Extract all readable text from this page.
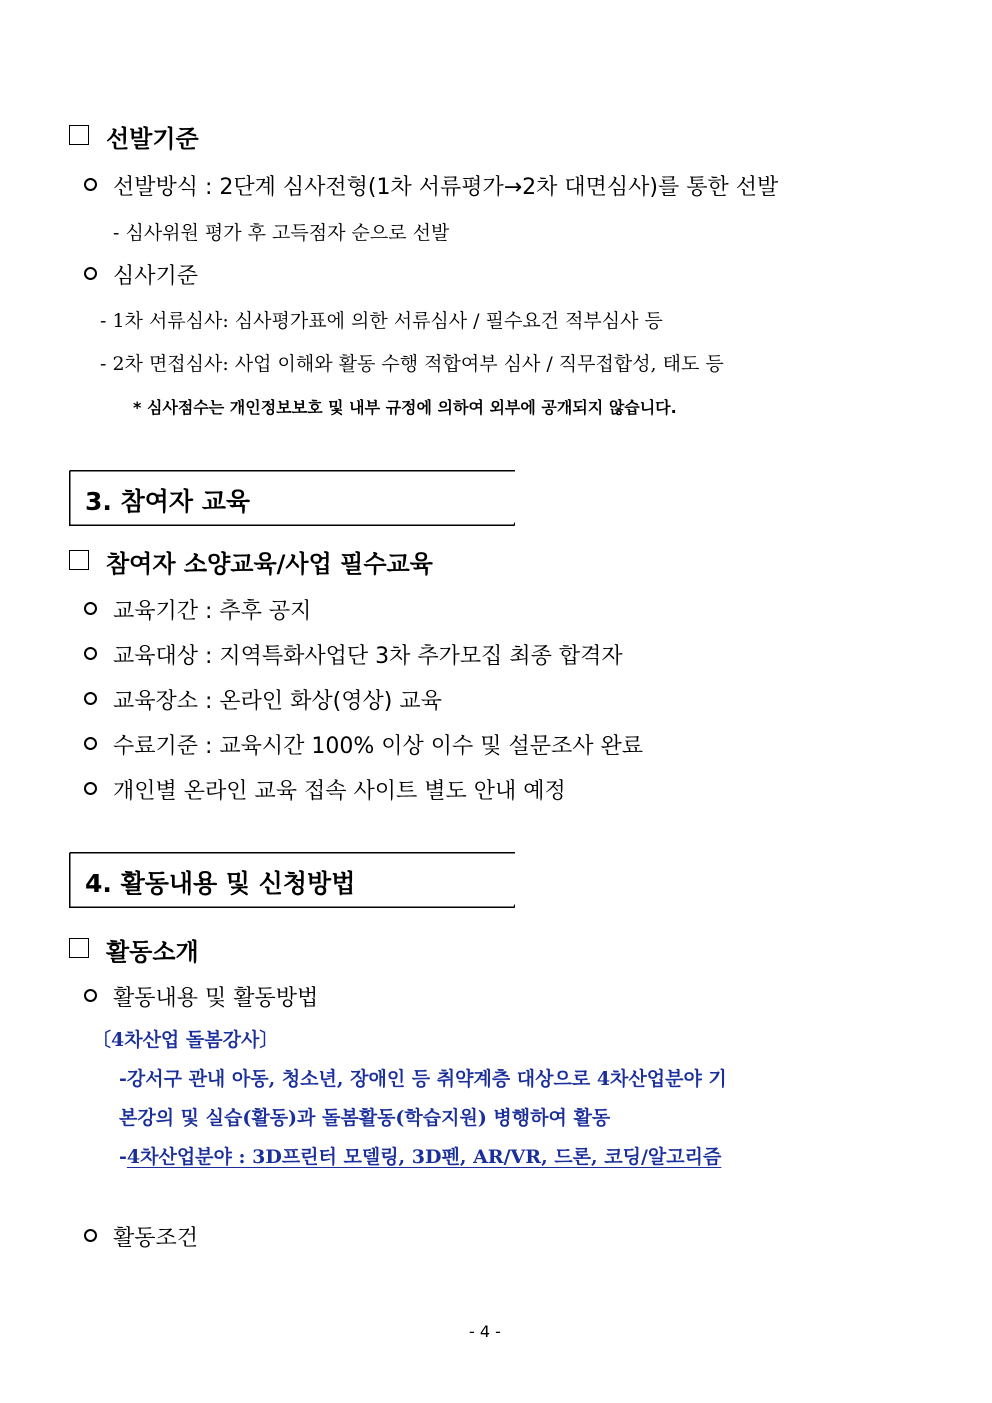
선발기준
선발방식 : 2단계 심사전형(1차 서류평가→2차 대면심사)를 통한 선발
- 심사위원 평가 후 고득점자 순으로 선발
심사기준
- 1차 서류심사: 심사평가표에 의한 서류심사 / 필수요건 적부심사 등
- 2차 면접심사: 사업 이해와 활동 수행 적합여부 심사 / 직무접합성, 태도 등
* 심사점수는 개인정보보호 및 내부 규정에 의하여 외부에 공개되지 않습니다.
3. 참여자 교육
참여자 소양교육/사업 필수교육
교육기간 : 추후 공지
교육대상 : 지역특화사업단 3차 추가모집 최종 합격자
교육장소 : 온라인 화상(영상) 교육
수료기준 : 교육시간 100% 이상 이수 및 설문조사 완료
개인별 온라인 교육 접속 사이트 별도 안내 예정
4. 활동내용 및 신청방법
활동소개
활동내용 및 활동방법
〔4차산업 돌봄강사〕
-강서구 관내 아동, 청소년, 장애인 등 취약계층 대상으로 4차산업분야 기
본강의 및 실습(활동)과 돌봄활동(학습지원) 병행하여 활동
-4차산업분야 : 3D프린터 모델링, 3D펜, AR/VR, 드론, 코딩/알고리즘
활동조건
- 4 -
